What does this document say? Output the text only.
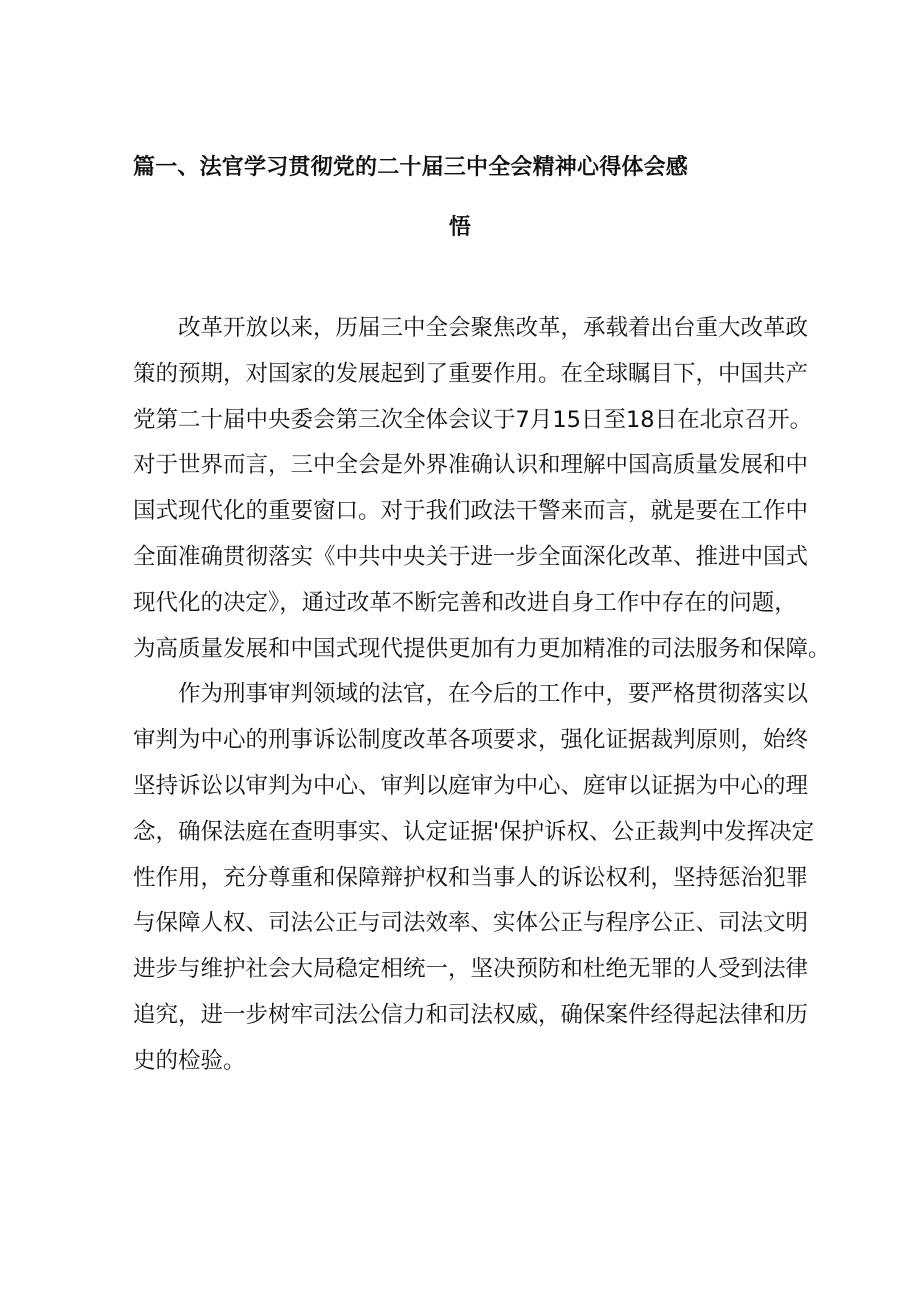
篇一、法官学习贯彻党的二十届三中全会精神心得体会感
悟
　　改革开放以来，历届三中全会聚焦改革，承载着出台重大改革政
策的预期，对国家的发展起到了重要作用。在全球瞩目下，中国共产
党第二十届中央委会第三次全体会议于7月15日至18日在北京召开。
对于世界而言，三中全会是外界准确认识和理解中国高质量发展和中
国式现代化的重要窗口。对于我们政法干警来而言，就是要在工作中
全面准确贯彻落实《中共中央关于进一步全面深化改革、推进中国式
现代化的决定》，通过改革不断完善和改进自身工作中存在的问题，
为高质量发展和中国式现代提供更加有力更加精准的司法服务和保障。
　　作为刑事审判领域的法官，在今后的工作中，要严格贯彻落实以
审判为中心的刑事诉讼制度改革各项要求，强化证据裁判原则，始终
坚持诉讼以审判为中心、审判以庭审为中心、庭审以证据为中心的理
念，确保法庭在查明事实、认定证据'保护诉权、公正裁判中发挥决定
性作用，充分尊重和保障辩护权和当事人的诉讼权利，坚持惩治犯罪
与保障人权、司法公正与司法效率、实体公正与程序公正、司法文明
进步与维护社会大局稳定相统一，坚决预防和杜绝无罪的人受到法律
追究，进一步树牢司法公信力和司法权威，确保案件经得起法律和历
史的检验。
